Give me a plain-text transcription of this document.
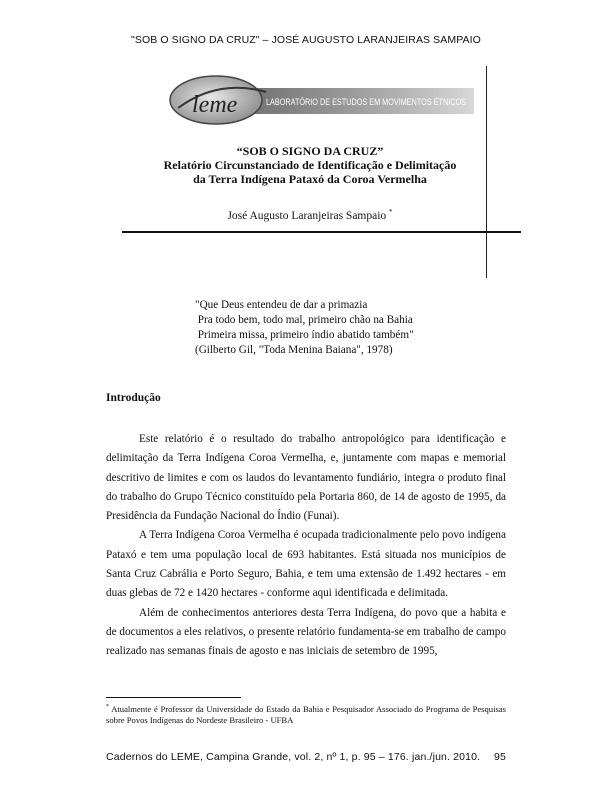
"SOB O SIGNO DA CRUZ" – JOSÉ AUGUSTO LARANJEIRAS SAMPAIO
leme	LABORATÓRIO DE ESTUDOS EM MOVIMENTOS ÉTNICOS
“SOB O SIGNO DA CRUZ”
Relatório Circunstanciado de Identificação e Delimitação
da Terra Indígena Pataxó da Coroa Vermelha
José Augusto Laranjeiras Sampaio *
"Que Deus entendeu de dar a primazia
Pra todo bem, todo mal, primeiro chão na Bahia
Primeira missa, primeiro índio abatido também"
(Gilberto Gil, "Toda Menina Baiana", 1978)
Introdução

Este relatório é o resultado do trabalho antropológico para identificação e delimitação da Terra Indígena Coroa Vermelha, e, juntamente com mapas e memorial descritivo de limites e com os laudos do levantamento fundiário, integra o produto final do trabalho do Grupo Técnico constituído pela Portaria 860, de 14 de agosto de 1995, da Presidência da Fundação Nacional do Índio (Funai).

A Terra Indígena Coroa Vermelha é ocupada tradicionalmente pelo povo indígena Pataxó e tem uma população local de 693 habitantes. Está situada nos municípios de Santa Cruz Cabrália e Porto Seguro, Bahia, e tem uma extensão de 1.492 hectares - em duas glebas de 72 e 1420 hectares - conforme aqui identificada e delimitada.

Além de conhecimentos anteriores desta Terra Indígena, do povo que a habita e de documentos a eles relativos, o presente relatório fundamenta-se em trabalho de campo realizado nas semanas finais de agosto e nas iniciais de setembro de 1995,

* Atualmente é Professor da Universidade do Estado da Bahia e Pesquisador Associado do Programa de Pesquisas sobre Povos Indígenas do Nordeste Brasileiro - UFBA
Cadernos do LEME, Campina Grande, vol. 2, nº 1, p. 95 – 176. jan./jun. 2010. 95
